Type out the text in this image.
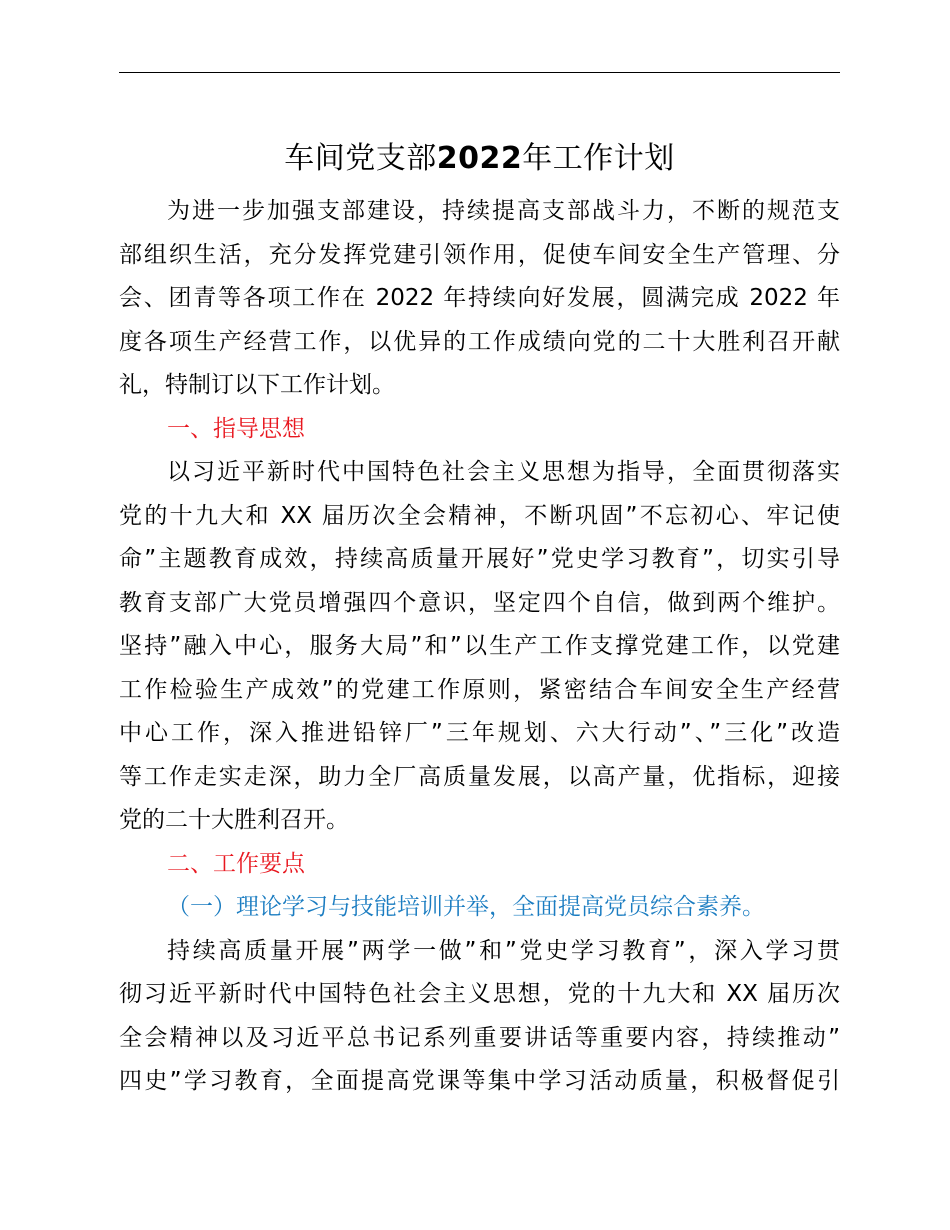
车间党支部2022年工作计划
为进一步加强支部建设，持续提高支部战斗力，不断的规范支
部组织生活，充分发挥党建引领作用，促使车间安全生产管理、分
会、团青等各项工作在 2022 年持续向好发展，圆满完成 2022 年
度各项生产经营工作，以优异的工作成绩向党的二十大胜利召开献
礼，特制订以下工作计划。
一、指导思想
以习近平新时代中国特色社会主义思想为指导，全面贯彻落实
党的十九大和 XX 届历次全会精神，不断巩固”不忘初心、牢记使
命”主题教育成效，持续高质量开展好”党史学习教育”，切实引导
教育支部广大党员增强四个意识，坚定四个自信，做到两个维护。
坚持”融入中心，服务大局”和”以生产工作支撑党建工作，以党建
工作检验生产成效”的党建工作原则，紧密结合车间安全生产经营
中心工作，深入推进铅锌厂”三年规划、六大行动”、”三化”改造
等工作走实走深，助力全厂高质量发展，以高产量，优指标，迎接
党的二十大胜利召开。
二、工作要点
（一）理论学习与技能培训并举，全面提高党员综合素养。
持续高质量开展”两学一做”和”党史学习教育”，深入学习贯
彻习近平新时代中国特色社会主义思想，党的十九大和 XX 届历次
全会精神以及习近平总书记系列重要讲话等重要内容，持续推动”
四史”学习教育，全面提高党课等集中学习活动质量，积极督促引
